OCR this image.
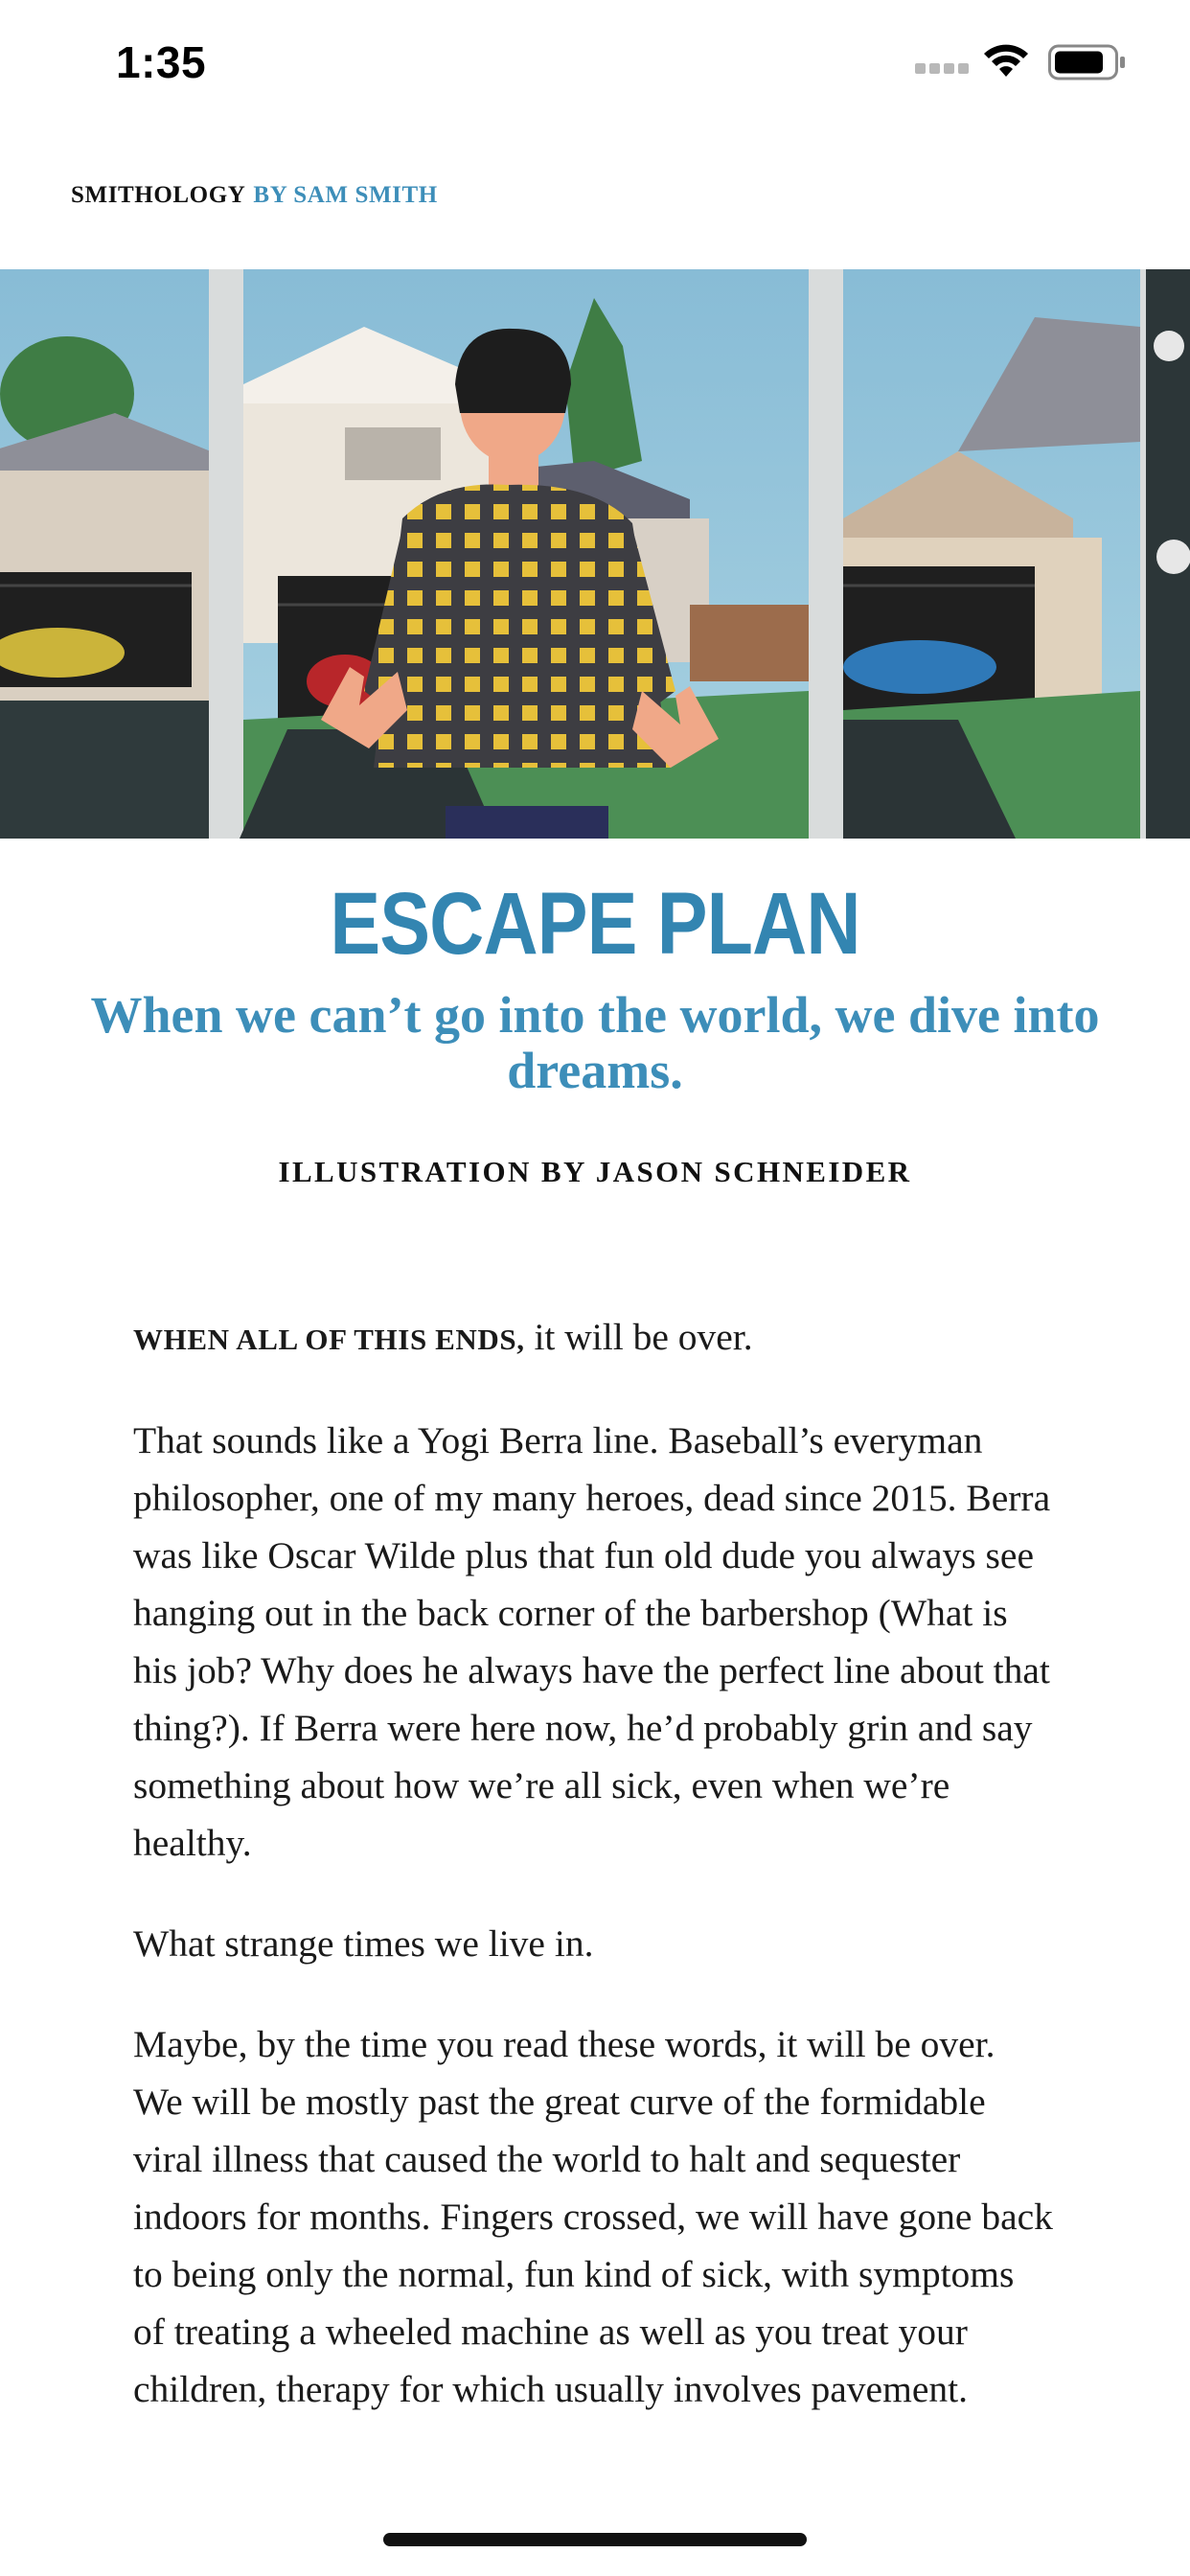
1:35
SMITHOLOGY BY SAM SMITH
ESCAPE PLAN
When we can’t go into the world, we dive into dreams.
ILLUSTRATION BY JASON SCHNEIDER

WHEN ALL OF THIS ENDS, it will be over.

That sounds like a Yogi Berra line. Baseball’s everyman philosopher, one of my many heroes, dead since 2015. Berra was like Oscar Wilde plus that fun old dude you always see hanging out in the back corner of the barbershop (What is his job? Why does he always have the perfect line about that thing?). If Berra were here now, he’d probably grin and say something about how we’re all sick, even when we’re healthy.

What strange times we live in.

Maybe, by the time you read these words, it will be over. We will be mostly past the great curve of the formidable viral illness that caused the world to halt and sequester indoors for months. Fingers crossed, we will have gone back to being only the normal, fun kind of sick, with symptoms of treating a wheeled machine as well as you treat your children, therapy for which usually involves pavement.
